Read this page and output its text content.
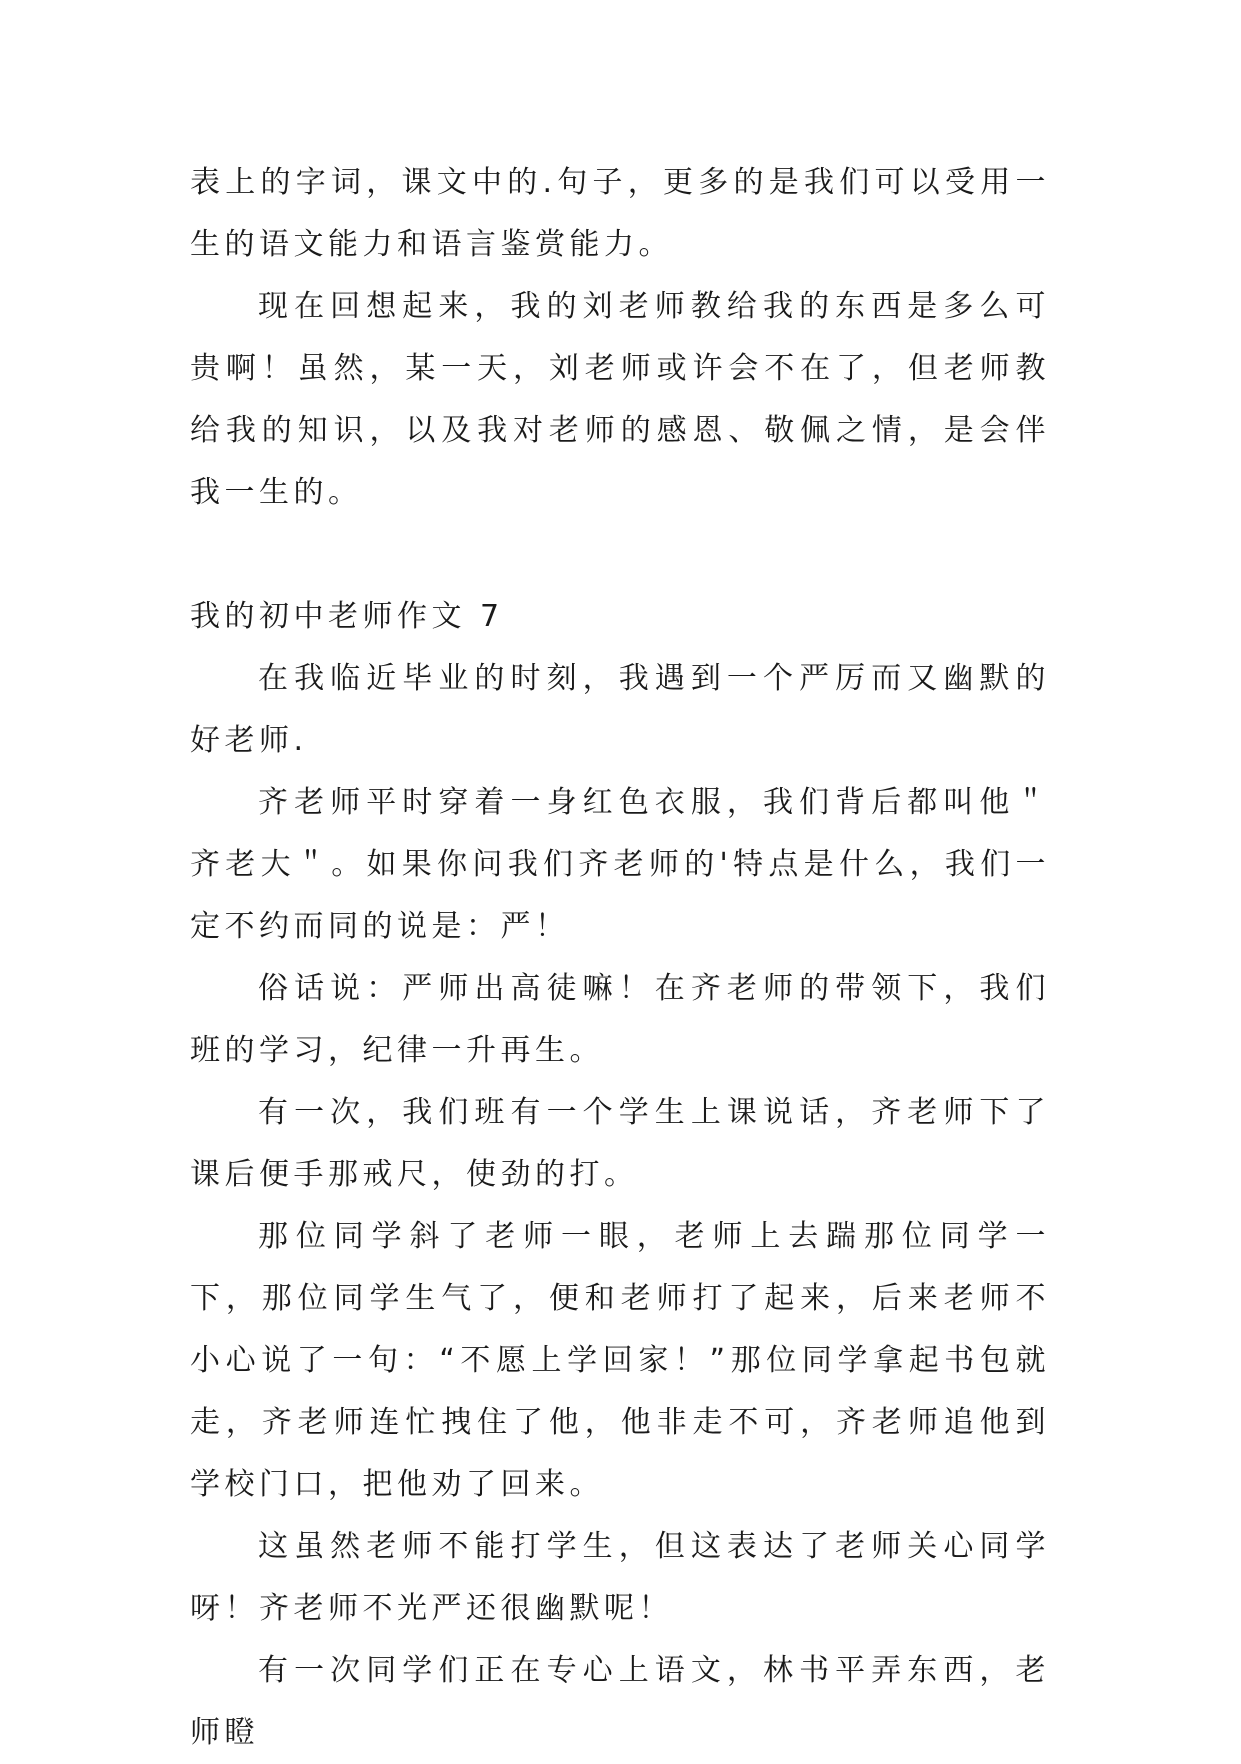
表上的字词，课文中的.句子，更多的是我们可以受用一生的语文能力和语言鉴赏能力。

现在回想起来，我的刘老师教给我的东西是多么可贵啊！虽然，某一天，刘老师或许会不在了，但老师教给我的知识，以及我对老师的感恩、敬佩之情，是会伴我一生的。

我的初中老师作文 7

在我临近毕业的时刻，我遇到一个严厉而又幽默的好老师.

齐老师平时穿着一身红色衣服，我们背后都叫他＂齐老大＂。如果你问我们齐老师的'特点是什么，我们一定不约而同的说是：严！

俗话说：严师出高徒嘛！在齐老师的带领下，我们班的学习，纪律一升再生。

有一次，我们班有一个学生上课说话，齐老师下了课后便手那戒尺，使劲的打。

那位同学斜了老师一眼，老师上去踹那位同学一下，那位同学生气了，便和老师打了起来，后来老师不小心说了一句：“不愿上学回家！”那位同学拿起书包就走，齐老师连忙拽住了他，他非走不可，齐老师追他到学校门口，把他劝了回来。

这虽然老师不能打学生，但这表达了老师关心同学呀！齐老师不光严还很幽默呢！

有一次同学们正在专心上语文，林书平弄东西，老师瞪
